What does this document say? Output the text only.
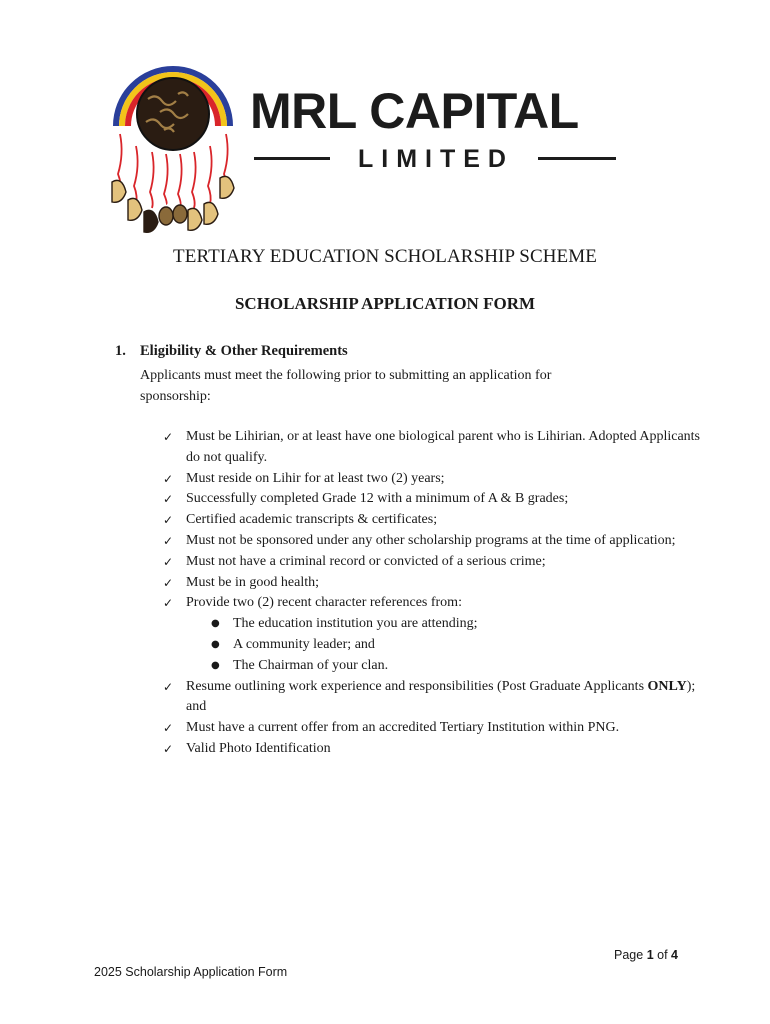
MRL CAPITAL
LIMITED
TERTIARY EDUCATION SCHOLARSHIP SCHEME
SCHOLARSHIP APPLICATION FORM
1. Eligibility & Other Requirements
Applicants must meet the following prior to submitting an application for sponsorship:
✓ Must be Lihirian, or at least have one biological parent who is Lihirian. Adopted Applicants do not qualify.
✓ Must reside on Lihir for at least two (2) years;
✓ Successfully completed Grade 12 with a minimum of A & B grades;
✓ Certified academic transcripts & certificates;
✓ Must not be sponsored under any other scholarship programs at the time of application;
✓ Must not have a criminal record or convicted of a serious crime;
✓ Must be in good health;
✓ Provide two (2) recent character references from:
● The education institution you are attending;
● A community leader; and
● The Chairman of your clan.
✓ Resume outlining work experience and responsibilities (Post Graduate Applicants ONLY); and
✓ Must have a current offer from an accredited Tertiary Institution within PNG.
✓ Valid Photo Identification
Page 1 of 4
2025 Scholarship Application Form
